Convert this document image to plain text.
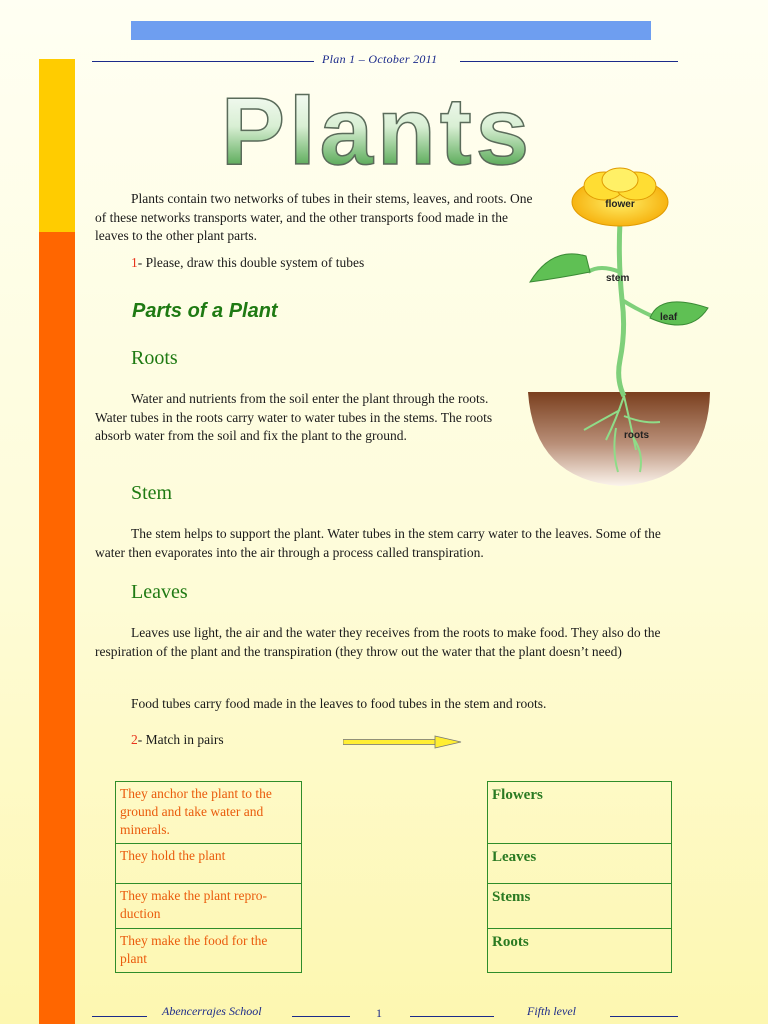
Plan 1 – October 2011
Plants

Plants contain two networks of tubes in their stems, leaves, and roots. One of these networks transports water, and the other transports food made in the leaves to the other plant parts.

1- Please, draw this double system of tubes
Parts of a Plant
Roots

Water and nutrients from the soil enter the plant through the roots. Water tubes in the roots carry water to water tubes in the stems. The roots absorb water from the soil and fix the plant to the ground.

Stem

The stem helps to support the plant. Water tubes in the stem carry water to the leaves. Some of the water then evaporates into the air through a process called transpiration.

Leaves

Leaves use light, the air and the water they receives from the roots to make food. They also do the respiration of the plant and the transpiration (they throw out the water that the plant doesn’t need)

Food tubes carry food made in the leaves to food tubes in the stem and roots.

2- Match in pairs
flower
stem
leaf
roots
They anchor the plant to the ground and take water and minerals.
They hold the plant
They make the plant repro-duction
They make the food for the plant
Flowers
Leaves
Stems
Roots
Abencerrajes School	1	Fifth level
